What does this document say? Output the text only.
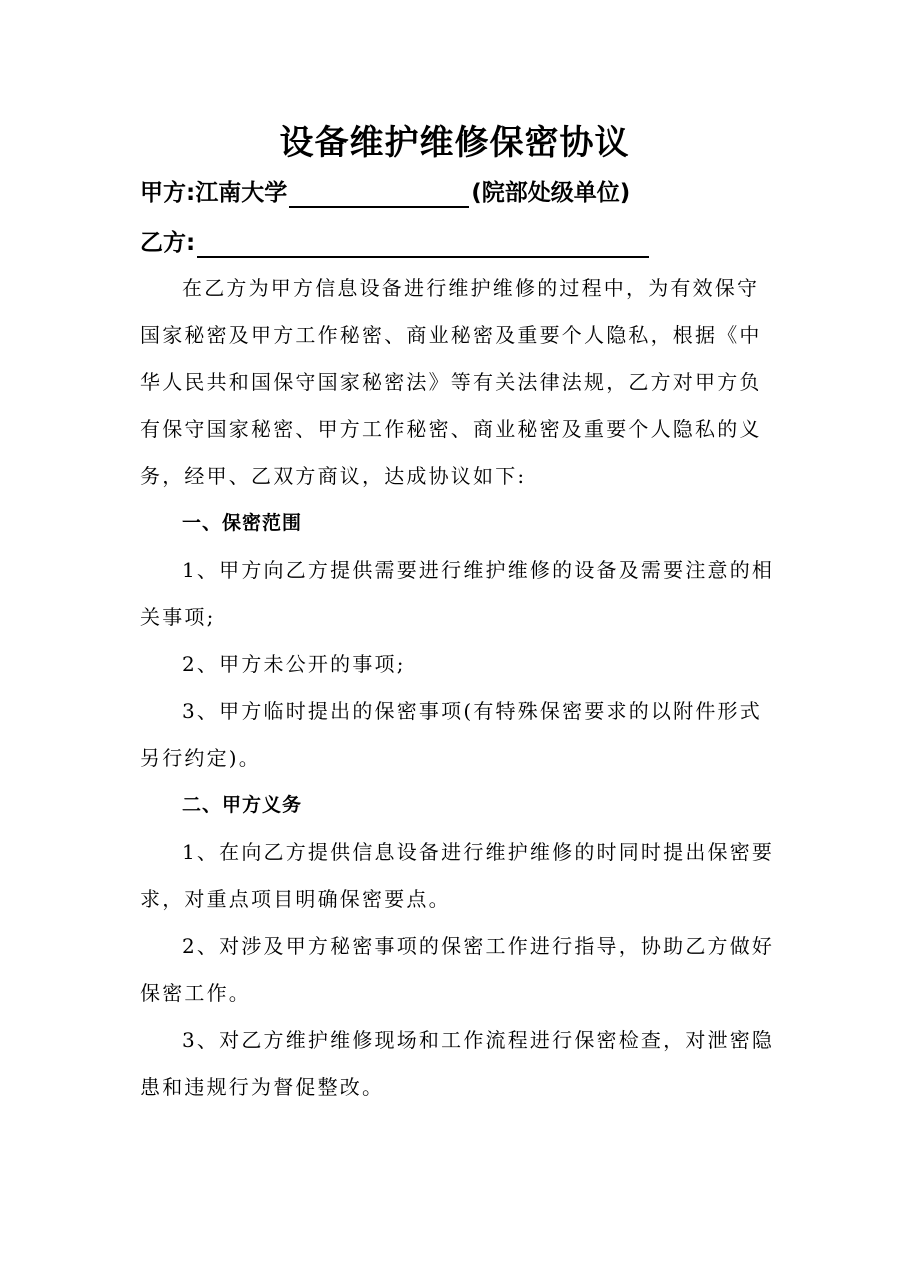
设备维护维修保密协议
甲方: 江南大学	(院部处级单位)
乙方:

在乙方为甲方信息设备进行维护维修的过程中，为有效保守国家秘密及甲方工作秘密、商业秘密及重要个人隐私，根据《中华人民共和国保守国家秘密法》等有关法律法规，乙方对甲方负有保守国家秘密、甲方工作秘密、商业秘密及重要个人隐私的义务，经甲、乙双方商议，达成协议如下:

一、保密范围

1、甲方向乙方提供需要进行维护维修的设备及需要注意的相关事项;

2、甲方未公开的事项;

3、甲方临时提出的保密事项(有特殊保密要求的以附件形式另行约定)。

二、甲方义务

1、在向乙方提供信息设备进行维护维修的时同时提出保密要求，对重点项目明确保密要点。

2、对涉及甲方秘密事项的保密工作进行指导，协助乙方做好保密工作。

3、对乙方维护维修现场和工作流程进行保密检查，对泄密隐患和违规行为督促整改。
